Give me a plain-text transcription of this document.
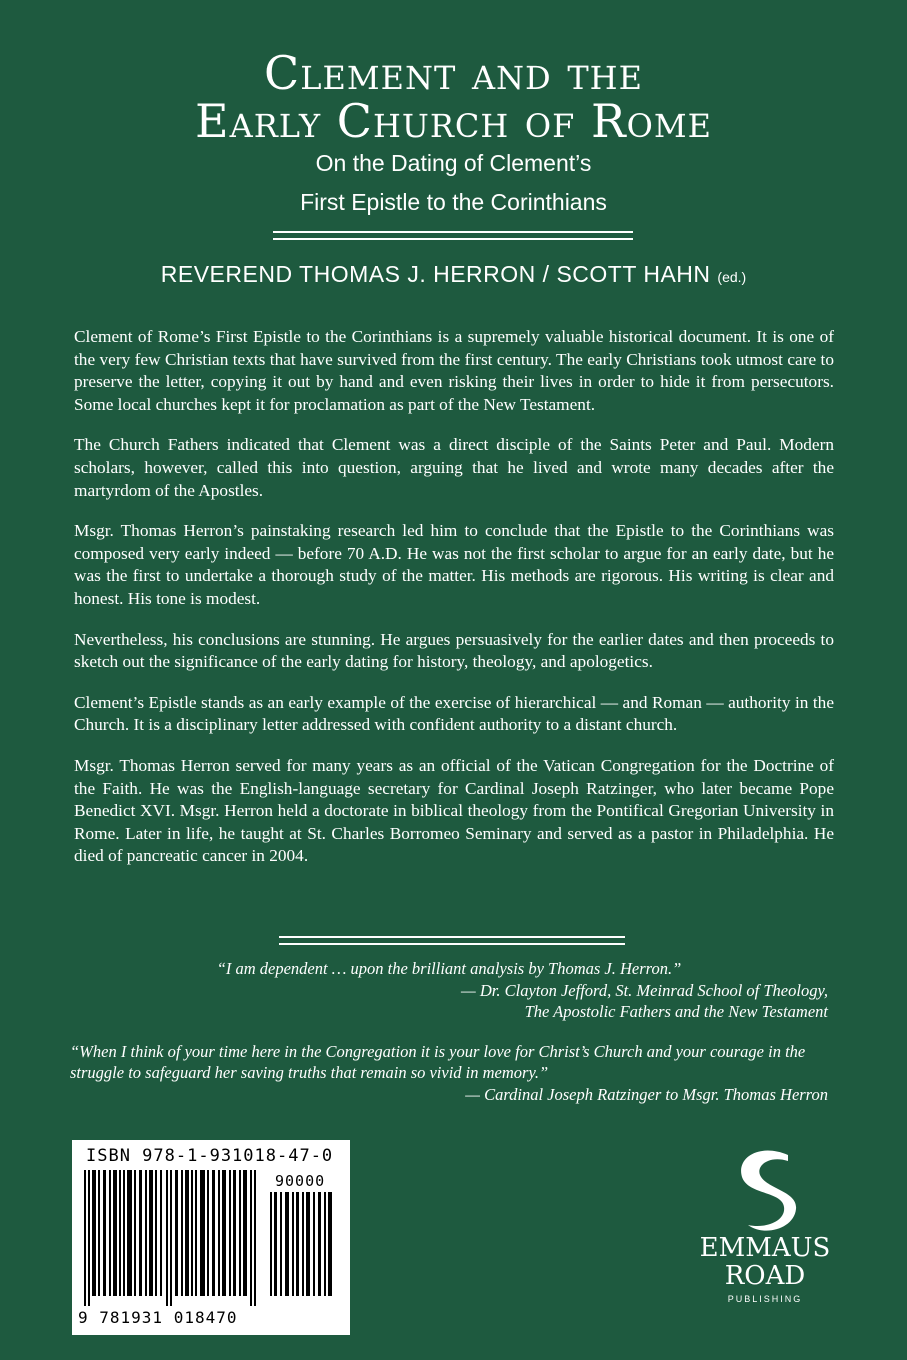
Clement and the
Early Church of Rome
On the Dating of Clement’s
First Epistle to the Corinthians
REVEREND THOMAS J. HERRON / SCOTT HAHN (ed.)

Clement of Rome’s First Epistle to the Corinthians is a supremely valuable historical document. It is one of the very few Christian texts that have survived from the first century. The early Christians took utmost care to preserve the letter, copying it out by hand and even risking their lives in order to hide it from persecutors. Some local churches kept it for proclamation as part of the New Testament.

The Church Fathers indicated that Clement was a direct disciple of the Saints Peter and Paul. Modern scholars, however, called this into question, arguing that he lived and wrote many decades after the martyrdom of the Apostles.

Msgr. Thomas Herron’s painstaking research led him to conclude that the Epistle to the Corinthians was composed very early indeed — before 70 A.D. He was not the first scholar to argue for an early date, but he was the first to undertake a thorough study of the matter. His methods are rigorous. His writing is clear and honest. His tone is modest.

Nevertheless, his conclusions are stunning. He argues persuasively for the earlier dates and then proceeds to sketch out the significance of the early dating for history, theology, and apologetics.

Clement’s Epistle stands as an early example of the exercise of hierarchical — and Roman — authority in the Church. It is a disciplinary letter addressed with confident authority to a distant church.

Msgr. Thomas Herron served for many years as an official of the Vatican Congregation for the Doctrine of the Faith. He was the English-language secretary for Cardinal Joseph Ratzinger, who later became Pope Benedict XVI. Msgr. Herron held a doctorate in biblical theology from the Pontifical Gregorian University in Rome. Later in life, he taught at St. Charles Borromeo Seminary and served as a pastor in Philadelphia. He died of pancreatic cancer in 2004.

“I am dependent … upon the brilliant analysis by Thomas J. Herron.”
— Dr. Clayton Jefford, St. Meinrad School of Theology,
The Apostolic Fathers and the New Testament
“When I think of your time here in the Congregation it is your love for Christ’s Church and your courage in the struggle to safeguard her saving truths that remain so vivid in memory.”
— Cardinal Joseph Ratzinger to Msgr. Thomas Herron
ISBN 978-1-931018-47-0
90000
9 781931 018470
EMMAUS
ROAD
PUBLISHING
